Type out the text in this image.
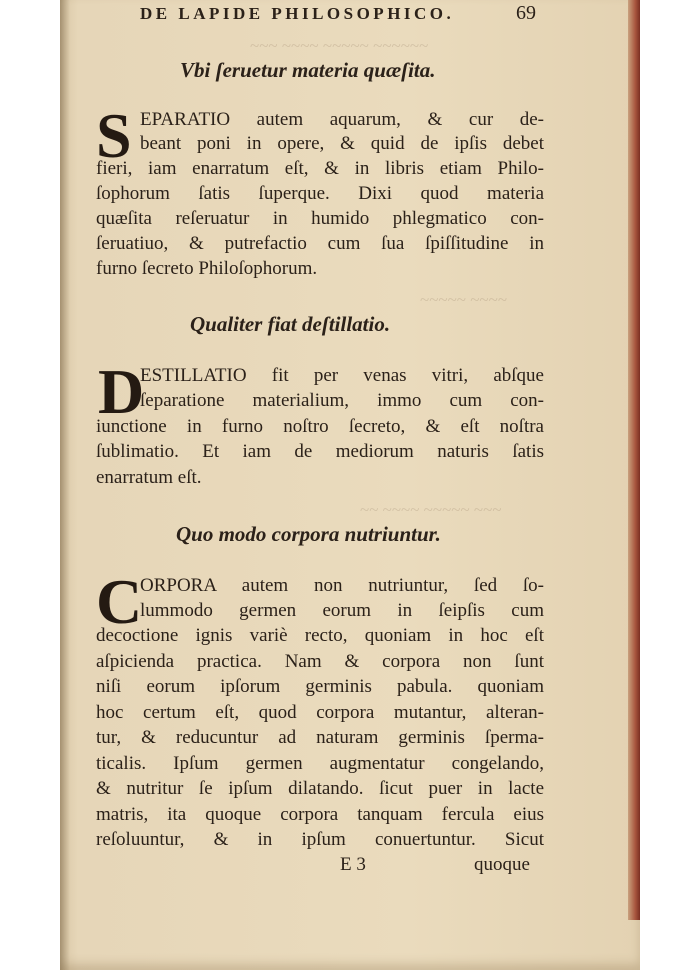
~~~ ~~~~ ~~~~~ ~~~~~~
~~~~~ ~~~~
~~ ~~~~ ~~~~~ ~~~
DE LAPIDE PHILOSOPHICO.	69
Vbi ſeruetur materia quæſita.
S EPARATIO autem aquarum, & cur de-
beant poni in opere, & quid de ipſis debet
fieri, iam enarratum eſt, & in libris etiam Philo-
ſophorum ſatis ſuperque. Dixi quod materia
quæſita reſeruatur in humido phlegmatico con-
ſeruatiuo, & putrefactio cum ſua ſpiſſitudine in
furno ſecreto Philoſophorum.
Qualiter fiat deſtillatio.
D
ESTILLATIO fit per venas vitri, abſque
ſeparatione materialium, immo cum con-
iunctione in furno noſtro ſecreto, & eſt noſtra
ſublimatio. Et iam de mediorum naturis ſatis
enarratum eſt.
Quo modo corpora nutriuntur.
C
ORPORA autem non nutriuntur, ſed ſo-
lummodo germen eorum in ſeipſis cum
decoctione ignis variè recto, quoniam in hoc eſt
aſpicienda practica. Nam & corpora non ſunt
niſi eorum ipſorum germinis pabula. quoniam
hoc certum eſt, quod corpora mutantur, alteran-
tur, & reducuntur ad naturam germinis ſperma-
ticalis. Ipſum germen augmentatur congelando,
& nutritur ſe ipſum dilatando. ſicut puer in lacte
matris, ita quoque corpora tanquam fercula eius
reſoluuntur, & in ipſum conuertuntur. Sicut
E 3	quoque
